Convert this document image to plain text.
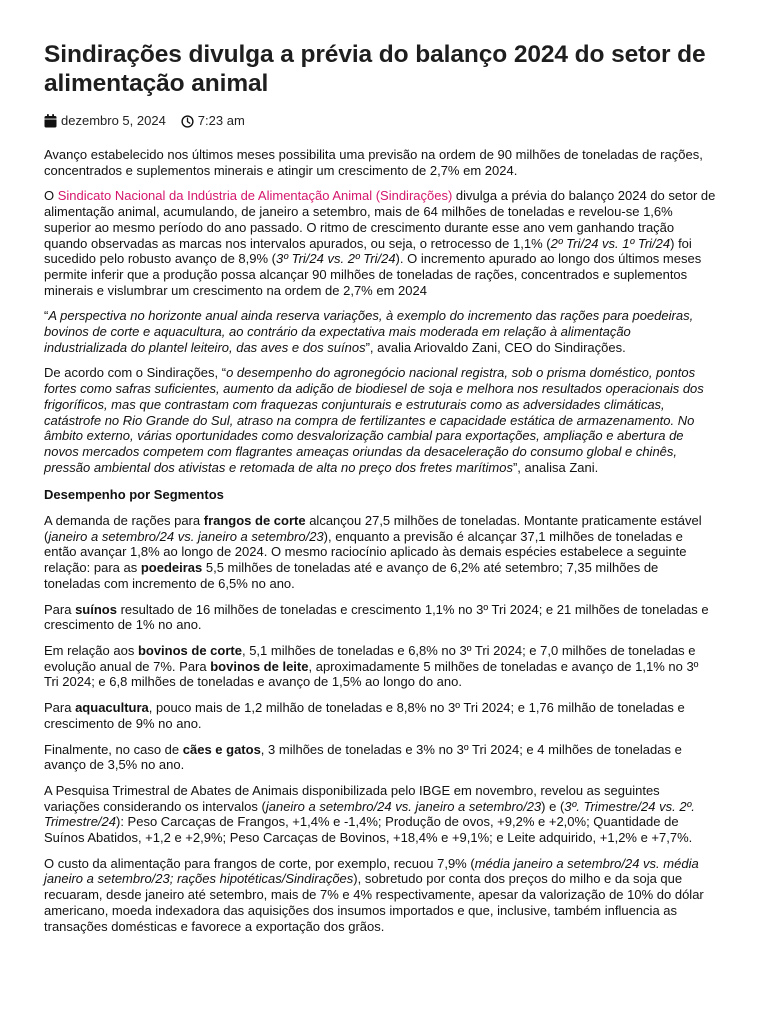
Sindirações divulga a prévia do balanço 2024 do setor de alimentação animal
dezembro 5, 2024 7:23 am

Avanço estabelecido nos últimos meses possibilita uma previsão na ordem de 90 milhões de toneladas de rações, concentrados e suplementos minerais e atingir um crescimento de 2,7% em 2024.

O Sindicato Nacional da Indústria de Alimentação Animal (Sindirações) divulga a prévia do balanço 2024 do setor de alimentação animal, acumulando, de janeiro a setembro, mais de 64 milhões de toneladas e revelou-se 1,6% superior ao mesmo período do ano passado. O ritmo de crescimento durante esse ano vem ganhando tração quando observadas as marcas nos intervalos apurados, ou seja, o retrocesso de 1,1% (2º Tri/24 vs. 1º Tri/24) foi sucedido pelo robusto avanço de 8,9% (3º Tri/24 vs. 2º Tri/24). O incremento apurado ao longo dos últimos meses permite inferir que a produção possa alcançar 90 milhões de toneladas de rações, concentrados e suplementos minerais e vislumbrar um crescimento na ordem de 2,7% em 2024

“A perspectiva no horizonte anual ainda reserva variações, à exemplo do incremento das rações para poedeiras, bovinos de corte e aquacultura, ao contrário da expectativa mais moderada em relação à alimentação industrializada do plantel leiteiro, das aves e dos suínos”, avalia Ariovaldo Zani, CEO do Sindirações.

De acordo com o Sindirações, “o desempenho do agronegócio nacional registra, sob o prisma doméstico, pontos fortes como safras suficientes, aumento da adição de biodiesel de soja e melhora nos resultados operacionais dos frigoríficos, mas que contrastam com fraquezas conjunturais e estruturais como as adversidades climáticas, catástrofe no Rio Grande do Sul, atraso na compra de fertilizantes e capacidade estática de armazenamento. No âmbito externo, várias oportunidades como desvalorização cambial para exportações, ampliação e abertura de novos mercados competem com flagrantes ameaças oriundas da desaceleração do consumo global e chinês, pressão ambiental dos ativistas e retomada de alta no preço dos fretes marítimos”, analisa Zani.

Desempenho por Segmentos

A demanda de rações para frangos de corte alcançou 27,5 milhões de toneladas. Montante praticamente estável (janeiro a setembro/24 vs. janeiro a setembro/23), enquanto a previsão é alcançar 37,1 milhões de toneladas e então avançar 1,8% ao longo de 2024. O mesmo raciocínio aplicado às demais espécies estabelece a seguinte relação: para as poedeiras 5,5 milhões de toneladas até e avanço de 6,2% até setembro; 7,35 milhões de toneladas com incremento de 6,5% no ano.

Para suínos resultado de 16 milhões de toneladas e crescimento 1,1% no 3º Tri 2024; e 21 milhões de toneladas e crescimento de 1% no ano.

Em relação aos bovinos de corte, 5,1 milhões de toneladas e 6,8% no 3º Tri 2024; e 7,0 milhões de toneladas e evolução anual de 7%. Para bovinos de leite, aproximadamente 5 milhões de toneladas e avanço de 1,1% no 3º Tri 2024; e 6,8 milhões de toneladas e avanço de 1,5% ao longo do ano.

Para aquacultura, pouco mais de 1,2 milhão de toneladas e 8,8% no 3º Tri 2024; e 1,76 milhão de toneladas e crescimento de 9% no ano.

Finalmente, no caso de cães e gatos, 3 milhões de toneladas e 3% no 3º Tri 2024; e 4 milhões de toneladas e avanço de 3,5% no ano.

A Pesquisa Trimestral de Abates de Animais disponibilizada pelo IBGE em novembro, revelou as seguintes variações considerando os intervalos (janeiro a setembro/24 vs. janeiro a setembro/23) e (3º. Trimestre/24 vs. 2º. Trimestre/24): Peso Carcaças de Frangos, +1,4% e -1,4%; Produção de ovos, +9,2% e +2,0%; Quantidade de Suínos Abatidos, +1,2 e +2,9%; Peso Carcaças de Bovinos, +18,4% e +9,1%; e Leite adquirido, +1,2% e +7,7%.

O custo da alimentação para frangos de corte, por exemplo, recuou 7,9% (média janeiro a setembro/24 vs. média janeiro a setembro/23; rações hipotéticas/Sindirações), sobretudo por conta dos preços do milho e da soja que recuaram, desde janeiro até setembro, mais de 7% e 4% respectivamente, apesar da valorização de 10% do dólar americano, moeda indexadora das aquisições dos insumos importados e que, inclusive, também influencia as transações domésticas e favorece a exportação dos grãos.
